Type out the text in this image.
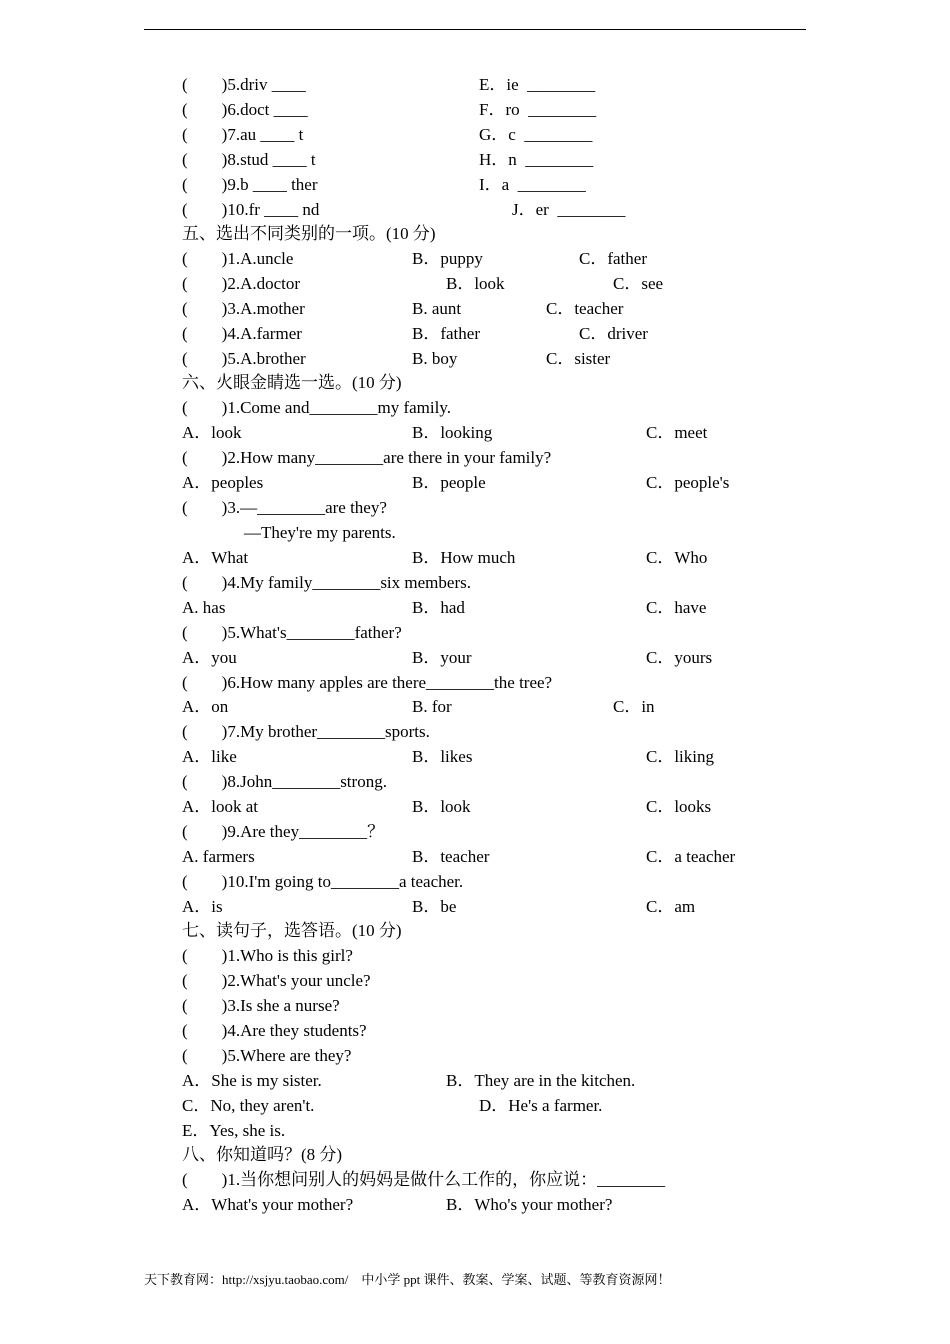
(        )5.driv ____	E．ie  ________
(        )6.doct ____	F．ro  ________
(        )7.au ____ t	G．c  ________
(        )8.stud ____ t	H．n  ________
(        )9.b ____ ther	I．a  ________
(        )10.fr ____ nd	J．er  ________
五、选出不同类别的一项。(10 分)
(        )1.A.uncle	B．puppy	C．father
(        )2.A.doctor	B．look	C．see
(        )3.A.mother	B. aunt	C．teacher
(        )4.A.farmer	B．father	C．driver
(        )5.A.brother	B. boy	C．sister
六、火眼金睛选一选。(10 分)
(        )1.Come and________my family.
A．look	B．looking	C．meet
(        )2.How many________are there in your family?
A．peoples	B．people	C．people's
(        )3.—________are they?
—They're my parents.
A．What	B．How much	C．Who
(        )4.My family________six members.
A. has	B．had	C．have
(        )5.What's________father?
A．you	B．your	C．yours
(        )6.How many apples are there________the tree?
A．on	B. for	C．in
(        )7.My brother________sports.
A．like	B．likes	C．liking
(        )8.John________strong.
A．look at	B．look	C．looks
(        )9.Are they________？
A. farmers	B．teacher	C．a teacher
(        )10.I'm going to________a teacher.
A．is	B．be	C．am
七、读句子，选答语。(10 分)
(        )1.Who is this girl?
(        )2.What's your uncle?
(        )3.Is she a nurse?
(        )4.Are they students?
(        )5.Where are they?
A．She is my sister.	B．They are in the kitchen.
C．No, they aren't.	D．He's a farmer.
E．Yes, she is.
八、你知道吗？(8 分)
(        )1.当你想问别人的妈妈是做什么工作的，你应说：________
A．What's your mother?	B．Who's your mother?
天下教育网：http://xsjyu.taobao.com/    中小学 ppt 课件、教案、学案、试题、等教育资源网！
